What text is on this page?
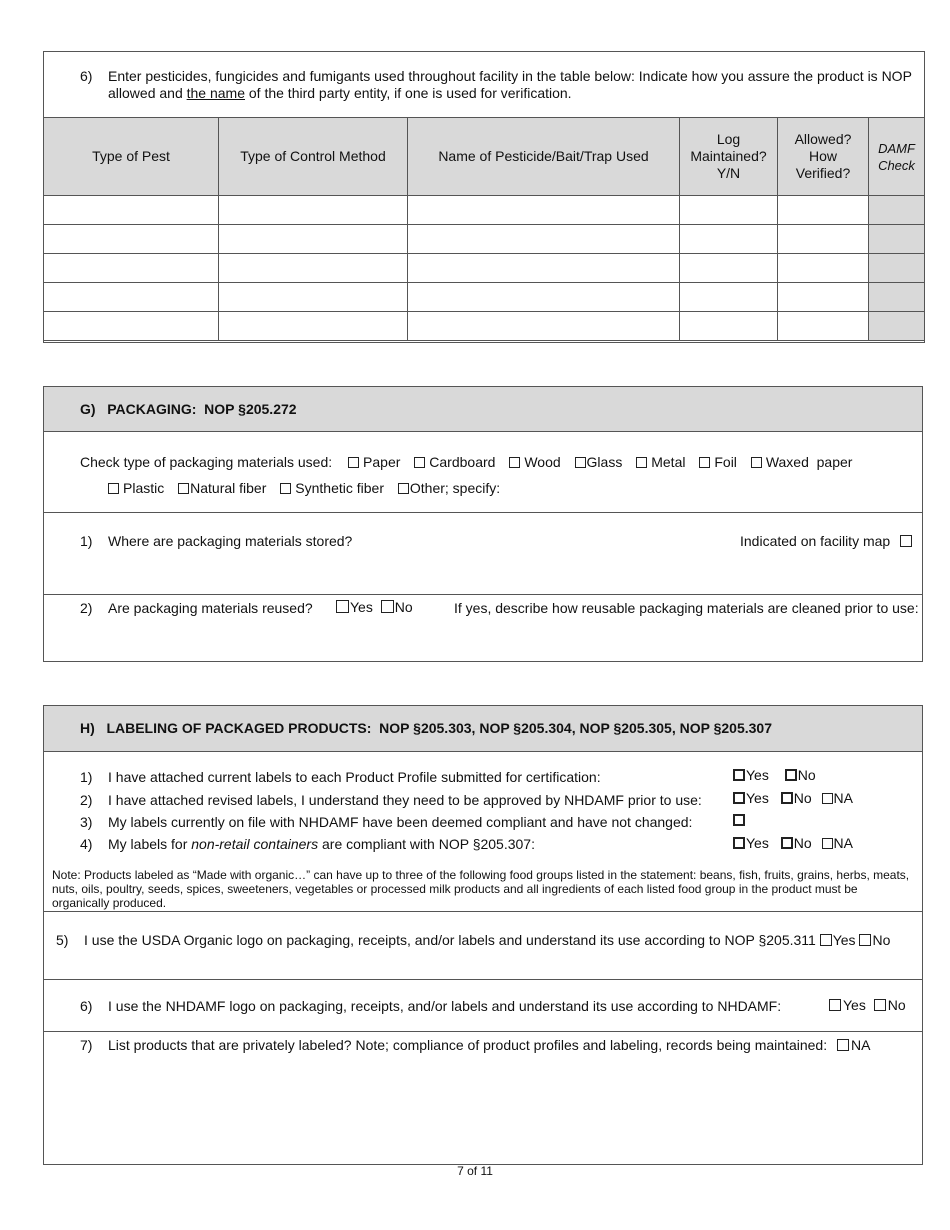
6) Enter pesticides, fungicides and fumigants used throughout facility in the table below: Indicate how you assure the product is NOP
allowed and the name of the third party entity, if one is used for verification.
Type of Pest	Type of Control Method	Name of Pesticide/Bait/Trap Used	Log Maintained? Y/N	Allowed? How Verified?	DAMF Check

G)   PACKAGING:  NOP §205.272
Check type of packaging materials used: Paper Cardboard Wood Glass Metal Foil Waxed  paper
Plastic Natural fiber Synthetic fiber Other; specify:
1) Where are packaging materials stored?	Indicated on facility map
2) Are packaging materials reused?	Yes No	If yes, describe how reusable packaging materials are cleaned prior to use:
H)   LABELING OF PACKAGED PRODUCTS:  NOP §205.303, NOP §205.304, NOP §205.305, NOP §205.307
1) I have attached current labels to each Product Profile submitted for certification:	Yes No
2) I have attached revised labels, I understand they need to be approved by NHDAMF prior to use:	Yes No NA
3) My labels currently on file with NHDAMF have been deemed compliant and have not changed:
4) My labels for non-retail containers are compliant with NOP §205.307:	Yes No NA
Note: Products labeled as “Made with organic…” can have up to three of the following food groups listed in the statement: beans, fish, fruits, grains, herbs, meats, nuts, oils, poultry, seeds, spices, sweeteners, vegetables or processed milk products and all ingredients of each listed food group in the product must be organically produced.
5) I use the USDA Organic logo on packaging, receipts, and/or labels and understand its use according to NOP §205.311 Yes No
6) I use the NHDAMF logo on packaging, receipts, and/or labels and understand its use according to NHDAMF:	Yes No
7) List products that are privately labeled? Note; compliance of product profiles and labeling, records being maintained: NA
7 of 11
